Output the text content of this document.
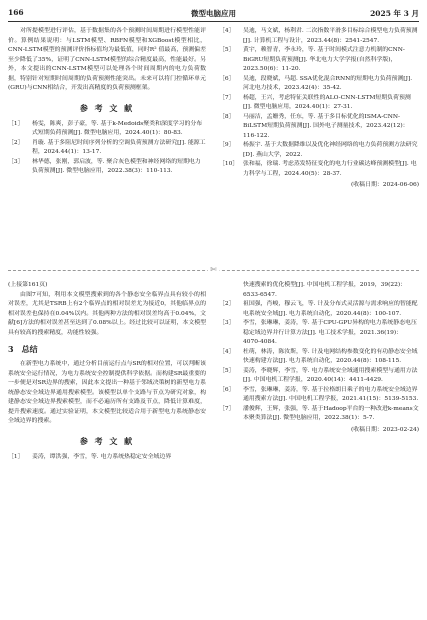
166	微型电脑应用	2025 年 3 月

对所提模型进行评估，基于数据集的各个预测时间周期进行模型性能评价。算例结果说明：与LSTM模型、RBFN模型和XGBoost模型相比，CNN-LSTM模型的预测评价指标值均为最低值，同时R² 值最高，预测偏差至少降低了35%，证明了CNN-LSTM模型的综合精度最高，性能最好。另外，本文提出的CNN-LSTM模型可以处理各个时间周期内的电力负荷数据，特别针对短期时间周期的负荷预测性能突出。未来可以将门控循环单元(GRU)与CNN相结合，开发出高精度的负荷预测框架。

参 考 文 献

［1］ 杨雯，陈爽，彭子豪，等. 基于k-Medoids聚类和深度学习的分布式短期负荷预测[J]. 微型电脑应用，2024.40(1)：80-83.

［2］ 肖璇. 基于多阻尼时间序列分析的空调负荷预测方法研究[J]. 能源工程，2024.44(1)：13-17.

［3］ 林华德，张刚，郭启波，等. 聚合灰色模型和神经网络的短期电力负荷预测[J]. 微型电脑应用，2022.38(3)：110-113.

［4］ 吴迪，马文斌，杨利君. 二次指数平滑多目标综合模型电力负荷预测[J]. 计算机工程与设计，2023.44(8)：2541-2547.

［5］ 黄宇，赖智青，李永玲，等. 基于时间模式注意力机制的CNN-BiGRU短期负荷预测[J]. 华北电力大学学报(自然科学版)，2023.50(6)：11-20.

［6］ 吴迪，段晓斌，马超. SSA优化混合RNN的短期电力负荷预测[J]. 河北电力技术，2023.42(4)：35-42.

［7］ 杨超，王兴，考虑特征关联性的ALO-CNN-LSTM短期负荷预测[J]. 微型电脑应用，2024.40(1)：27-31.

［8］ 马丽洁，孟姗秀，任东，等. 基于多目标优化的ISMA-CNN-BiLSTM短期负荷预测[J]. 国外电子测量技术，2023.42(12)：116-122.

［9］ 杨振宇. 基于大数据降维以及优化神经网络的电力负荷预测方法研究[D]. 燕山大学，2022.

［10］ 张和福，徐瑞. 考虑蒸发特征变化的电力行业碳达峰预测模型[J]. 电力科学与工程，2024.40(5)：28-37.

(收稿日期：2024-06-06)
✄
(上接第161页)

由图7可知，利用本文模型搜索到的各个静态安全临界点具有较小的相对误差，尤其是TSRB上有2个临界点的相对误差尤为接近0，其他临界点的相对误差也保持在0.04%以内。其他两种方法的相对误差均高于0.04%，文献[6]方法的相对误差甚至达到了0.08%以上。经过比较可以证明，本文模型具有较高的搜索精度，功能性较强。

3　总结

在新型电力系统中，通过分析目前运行点与SR的相对位置，可以判断该系统安全运行情况，为电力系统安全控制提供科学依据。而构建SR最重要的一步便是对SR边界的搜索，因此本文提出一种基于邻域决策树的新型电力系统静态安全域边界通用搜索模型。该模型以单个支路与节点为研究对象，构建静态安全域边界搜索模型，而不必遍历所有支路及节点，降低计算难度，提升搜索速度。通过实验证明，本文模型比较适合用于新型电力系统静态安全域边界的搜索。

参 考 文 献

［1］ 姜涛，谭洪强，李雪，等. 电力系统热稳定安全域边界

快速搜索的优化模型[J]. 中国电机工程学报，2019，39(22)：6533-6547.

［2］ 祖国强，肖峻，穆云飞，等. 计及分布式灵活源与需求响应的智能配电系统安全域[J]. 电力系统自动化，2020.44(8)：100-107.

［3］ 李雪，张琳琳，姜涛，等. 基于CPU-GPU异构的电力系统静态电压稳定域边界并行计算方法[J]. 电工技术学报，2021.36(19)：4070-4084.

［4］ 杜萌，林涛，陈汝斯，等. 计及电网结构参数变化的有功静态安全域快速构建方法[J]. 电力系统自动化，2020.44(8)：108-115.

［5］ 姜涛，李晓辉，李雪，等. 电力系统安全域通用搜索模型与通用方法[J]. 中国电机工程学报，2020.40(14)：4411-4429.

［6］ 李雪，张琳琳，姜涛，等. 基于拉格朗日乘子的电力系统安全域边界通用搜索方法[J]. 中国电机工程学报，2021.41(15)：5139-5153.

［7］ 潘俊辉，王辉，张强，等. 基于Hadoop平台的一种改进k-means文本聚类算法[J]. 微型电脑应用，2022.38(1)：5-7.

(收稿日期：2023-02-24)
